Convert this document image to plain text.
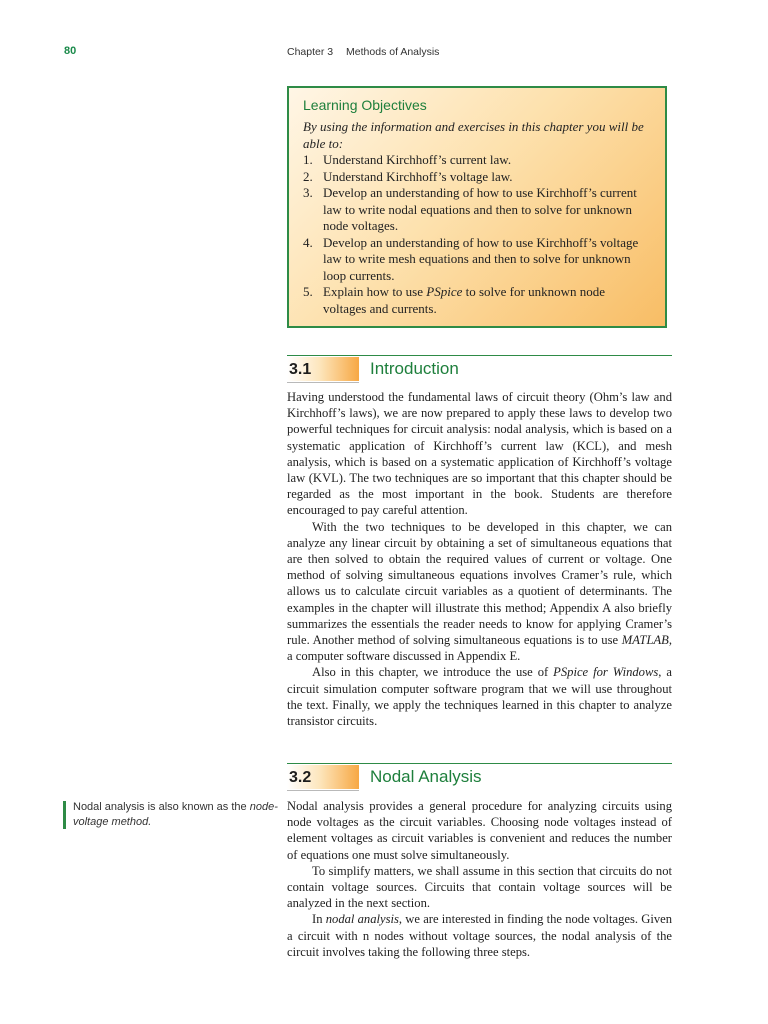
80	Chapter 3 Methods of Analysis
Learning Objectives

By using the information and exercises in this chapter you will be able to:

1. Understand Kirchhoff’s current law.
2. Understand Kirchhoff’s voltage law.
3. Develop an understanding of how to use Kirchhoff’s current law to write nodal equations and then to solve for unknown node voltages.
4. Develop an understanding of how to use Kirchhoff’s voltage law to write mesh equations and then to solve for unknown loop currents.
5. Explain how to use PSpice to solve for unknown node voltages and currents.
3.1	Introduction

Having understood the fundamental laws of circuit theory (Ohm’s law and Kirchhoff’s laws), we are now prepared to apply these laws to develop two powerful techniques for circuit analysis: nodal analysis, which is based on a systematic application of Kirchhoff’s current law (KCL), and mesh analysis, which is based on a systematic application of Kirchhoff’s voltage law (KVL). The two techniques are so important that this chapter should be regarded as the most important in the book. Students are therefore encouraged to pay careful attention.

With the two techniques to be developed in this chapter, we can analyze any linear circuit by obtaining a set of simultaneous equations that are then solved to obtain the required values of current or voltage. One method of solving simultaneous equations involves Cramer’s rule, which allows us to calculate circuit variables as a quotient of determinants. The examples in the chapter will illustrate this method; Appendix A also briefly summarizes the essentials the reader needs to know for applying Cramer’s rule. Another method of solving simultaneous equations is to use MATLAB, a computer software discussed in Appendix E.

Also in this chapter, we introduce the use of PSpice for Windows, a circuit simulation computer software program that we will use throughout the text. Finally, we apply the techniques learned in this chapter to analyze transistor circuits.

3.2	Nodal Analysis
Nodal analysis is also known as the node-voltage method.

Nodal analysis provides a general procedure for analyzing circuits using node voltages as the circuit variables. Choosing node voltages instead of element voltages as circuit variables is convenient and reduces the number of equations one must solve simultaneously.

To simplify matters, we shall assume in this section that circuits do not contain voltage sources. Circuits that contain voltage sources will be analyzed in the next section.

In nodal analysis, we are interested in finding the node voltages. Given a circuit with n nodes without voltage sources, the nodal analysis of the circuit involves taking the following three steps.
